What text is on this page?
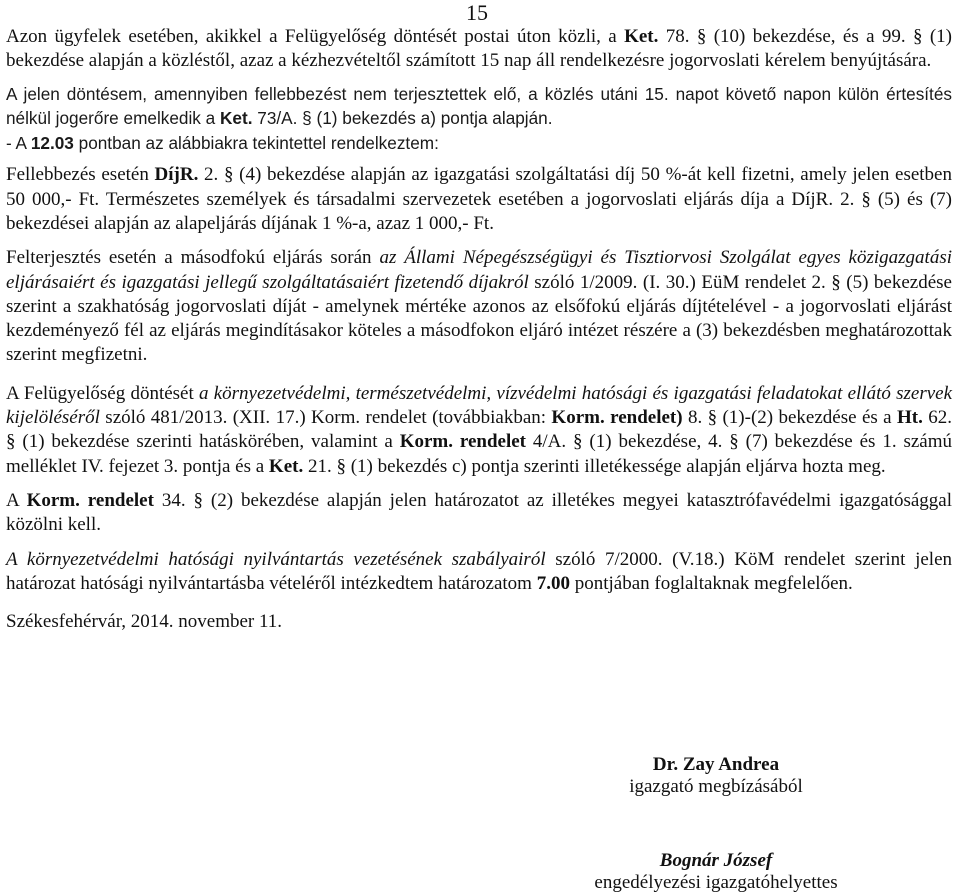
15

Azon ügyfelek esetében, akikkel a Felügyelőség döntését postai úton közli, a Ket. 78. § (10) bekezdése, és a 99. § (1) bekezdése alapján a közléstől, azaz a kézhezvételtől számított 15 nap áll rendelkezésre jogorvoslati kérelem benyújtására.

A jelen döntésem, amennyiben fellebbezést nem terjesztettek elő, a közlés utáni 15. napot követő napon külön értesítés nélkül jogerőre emelkedik a Ket. 73/A. § (1) bekezdés a) pontja alapján.

- A 12.03 pontban az alábbiakra tekintettel rendelkeztem:

Fellebbezés esetén DíjR. 2. § (4) bekezdése alapján az igazgatási szolgáltatási díj 50 %-át kell fizetni, amely jelen esetben 50 000,- Ft. Természetes személyek és társadalmi szervezetek esetében a jogorvoslati eljárás díja a DíjR. 2. § (5) és (7) bekezdései alapján az alapeljárás díjának 1 %-a, azaz 1 000,- Ft.

Felterjesztés esetén a másodfokú eljárás során az Állami Népegészségügyi és Tisztiorvosi Szolgálat egyes közigazgatási eljárásaiért és igazgatási jellegű szolgáltatásaiért fizetendő díjakról szóló 1/2009. (I. 30.) EüM rendelet 2. § (5) bekezdése szerint a szakhatóság jogorvoslati díját - amelynek mértéke azonos az elsőfokú eljárás díjtételével - a jogorvoslati eljárást kezdeményező fél az eljárás megindításakor köteles a másodfokon eljáró intézet részére a (3) bekezdésben meghatározottak szerint megfizetni.

A Felügyelőség döntését a környezetvédelmi, természetvédelmi, vízvédelmi hatósági és igazgatási feladatokat ellátó szervek kijelöléséről szóló 481/2013. (XII. 17.) Korm. rendelet (továbbiakban: Korm. rendelet) 8. § (1)-(2) bekezdése és a Ht. 62. § (1) bekezdése szerinti hatáskörében, valamint a Korm. rendelet 4/A. § (1) bekezdése, 4. § (7) bekezdése és 1. számú melléklet IV. fejezet 3. pontja és a Ket. 21. § (1) bekezdés c) pontja szerinti illetékessége alapján eljárva hozta meg.

A Korm. rendelet 34. § (2) bekezdése alapján jelen határozatot az illetékes megyei katasztrófavédelmi igazgatósággal közölni kell.

A környezetvédelmi hatósági nyilvántartás vezetésének szabályairól szóló 7/2000. (V.18.) KöM rendelet szerint jelen határozat hatósági nyilvántartásba vételéről intézkedtem határozatom 7.00 pontjában foglaltaknak megfelelően.

Székesfehérvár, 2014. november 11.

Dr. Zay Andrea
igazgató megbízásából
Bognár József
engedélyezési igazgatóhelyettes
